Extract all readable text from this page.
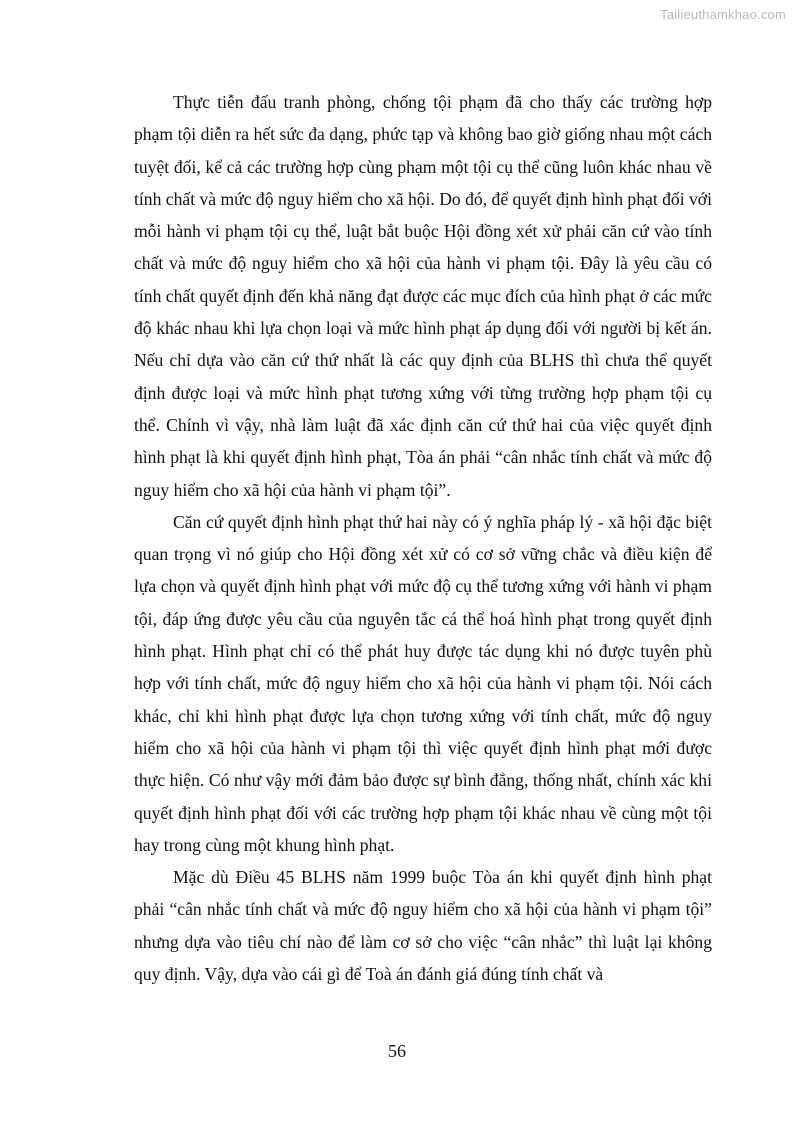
Tailieuthamkhao.com

Thực tiễn đấu tranh phòng, chống tội phạm đã cho thấy các trường hợp phạm tội diễn ra hết sức đa dạng, phức tạp và không bao giờ giống nhau một cách tuyệt đối, kể cả các trường hợp cùng phạm một tội cụ thể cũng luôn khác nhau về tính chất và mức độ nguy hiểm cho xã hội. Do đó, để quyết định hình phạt đối với mỗi hành vi phạm tội cụ thể, luật bắt buộc Hội đồng xét xử phải căn cứ vào tính chất và mức độ nguy hiểm cho xã hội của hành vi phạm tội. Đây là yêu cầu có tính chất quyết định đến khả năng đạt được các mục đích của hình phạt ở các mức độ khác nhau khi lựa chọn loại và mức hình phạt áp dụng đối với người bị kết án. Nếu chỉ dựa vào căn cứ thứ nhất là các quy định của BLHS thì chưa thể quyết định được loại và mức hình phạt tương xứng với từng trường hợp phạm tội cụ thể. Chính vì vậy, nhà làm luật đã xác định căn cứ thứ hai của việc quyết định hình phạt là khi quyết định hình phạt, Tòa án phải “cân nhắc tính chất và mức độ nguy hiểm cho xã hội của hành vi phạm tội”.

Căn cứ quyết định hình phạt thứ hai này có ý nghĩa pháp lý - xã hội đặc biệt quan trọng vì nó giúp cho Hội đồng xét xử có cơ sở vững chắc và điều kiện để lựa chọn và quyết định hình phạt với mức độ cụ thể tương xứng với hành vi phạm tội, đáp ứng được yêu cầu của nguyên tắc cá thể hoá hình phạt trong quyết định hình phạt. Hình phạt chỉ có thể phát huy được tác dụng khi nó được tuyên phù hợp với tính chất, mức độ nguy hiểm cho xã hội của hành vi phạm tội. Nói cách khác, chỉ khi hình phạt được lựa chọn tương xứng với tính chất, mức độ nguy hiểm cho xã hội của hành vi phạm tội thì việc quyết định hình phạt mới được thực hiện. Có như vậy mới đảm bảo được sự bình đẳng, thống nhất, chính xác khi quyết định hình phạt đối với các trường hợp phạm tội khác nhau về cùng một tội hay trong cùng một khung hình phạt.

Mặc dù Điều 45 BLHS năm 1999 buộc Tòa án khi quyết định hình phạt phải “cân nhắc tính chất và mức độ nguy hiểm cho xã hội của hành vi phạm tội” nhưng dựa vào tiêu chí nào để làm cơ sở cho việc “cân nhắc” thì luật lại không quy định. Vậy, dựa vào cái gì để Toà án đánh giá đúng tính chất và

56
